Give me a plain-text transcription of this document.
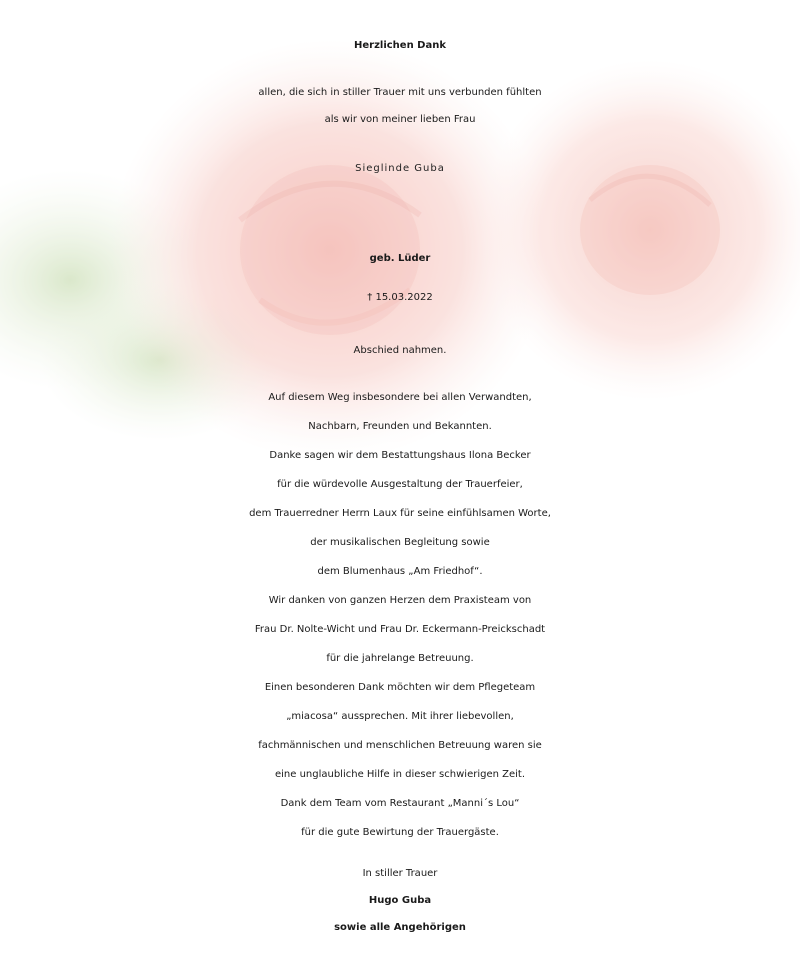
Herzlichen Dank
allen, die sich in stiller Trauer mit uns verbunden fühlten
als wir von meiner lieben Frau
Sieglinde Guba
geb. Lüder
† 15.03.2022
Abschied nahmen.
Auf diesem Weg insbesondere bei allen Verwandten,
Nachbarn, Freunden und Bekannten.
Danke sagen wir dem Bestattungshaus Ilona Becker
für die würdevolle Ausgestaltung der Trauerfeier,
dem Trauerredner Herrn Laux für seine einfühlsamen Worte,
der musikalischen Begleitung sowie
dem Blumenhaus „Am Friedhof“.
Wir danken von ganzen Herzen dem Praxisteam von
Frau Dr. Nolte-Wicht und Frau Dr. Eckermann-Preickschadt
für die jahrelange Betreuung.
Einen besonderen Dank möchten wir dem Pflegeteam
„miacosa“ aussprechen. Mit ihrer liebevollen,
fachmännischen und menschlichen Betreuung waren sie
eine unglaubliche Hilfe in dieser schwierigen Zeit.
Dank dem Team vom Restaurant „Manni´s Lou“
für die gute Bewirtung der Trauergäste.
In stiller Trauer
Hugo Guba
sowie alle Angehörigen
